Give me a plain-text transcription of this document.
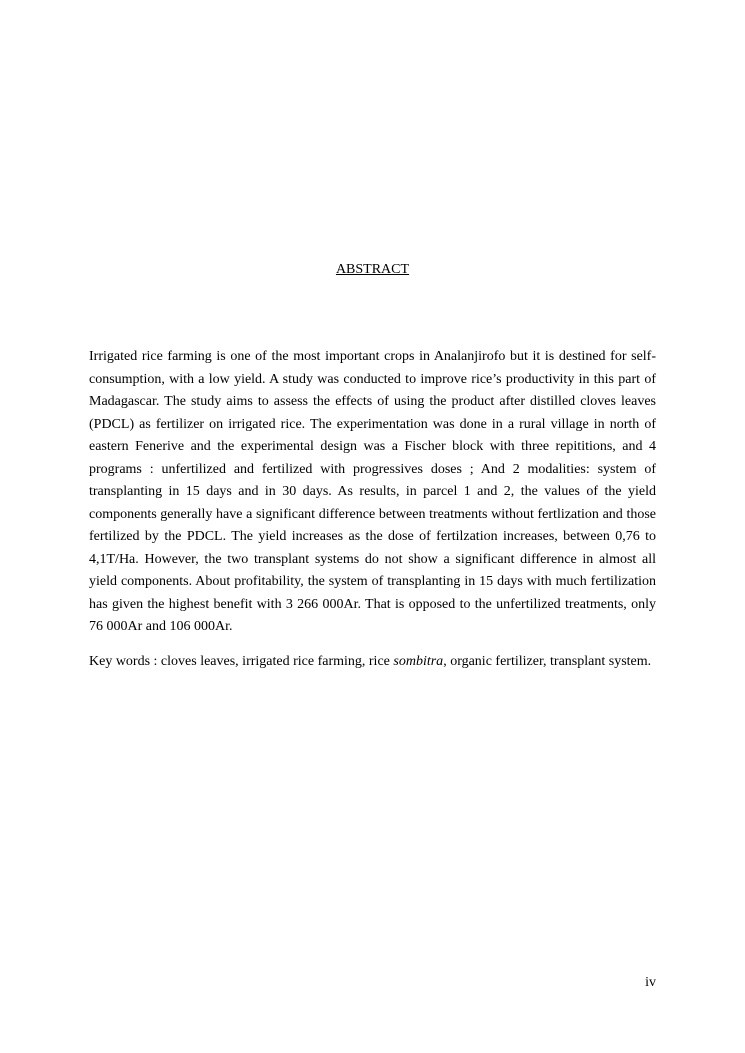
ABSTRACT

Irrigated rice farming is one of the most important crops in Analanjirofo but it is destined for self-consumption, with a low yield. A study was conducted to improve rice’s productivity in this part of Madagascar. The study aims to assess the effects of using the product after distilled cloves leaves (PDCL) as fertilizer on irrigated rice. The experimentation was done in a rural village in north of eastern Fenerive and the experimental design was a Fischer block with three repititions, and 4 programs : unfertilized and fertilized with progressives doses ; And 2 modalities: system of transplanting in 15 days and in 30 days. As results, in parcel 1 and 2, the values of the yield components generally have a significant difference between treatments without fertlization and those fertilized by the PDCL. The yield increases as the dose of fertilzation increases, between 0,76 to 4,1T/Ha. However, the two transplant systems do not show a significant difference in almost all yield components. About profitability, the system of transplanting in 15 days with much fertilization has given the highest benefit with 3 266 000Ar. That is opposed to the unfertilized treatments, only 76 000Ar and 106 000Ar.

Key words : cloves leaves, irrigated rice farming, rice sombitra, organic fertilizer, transplant system.

iv
